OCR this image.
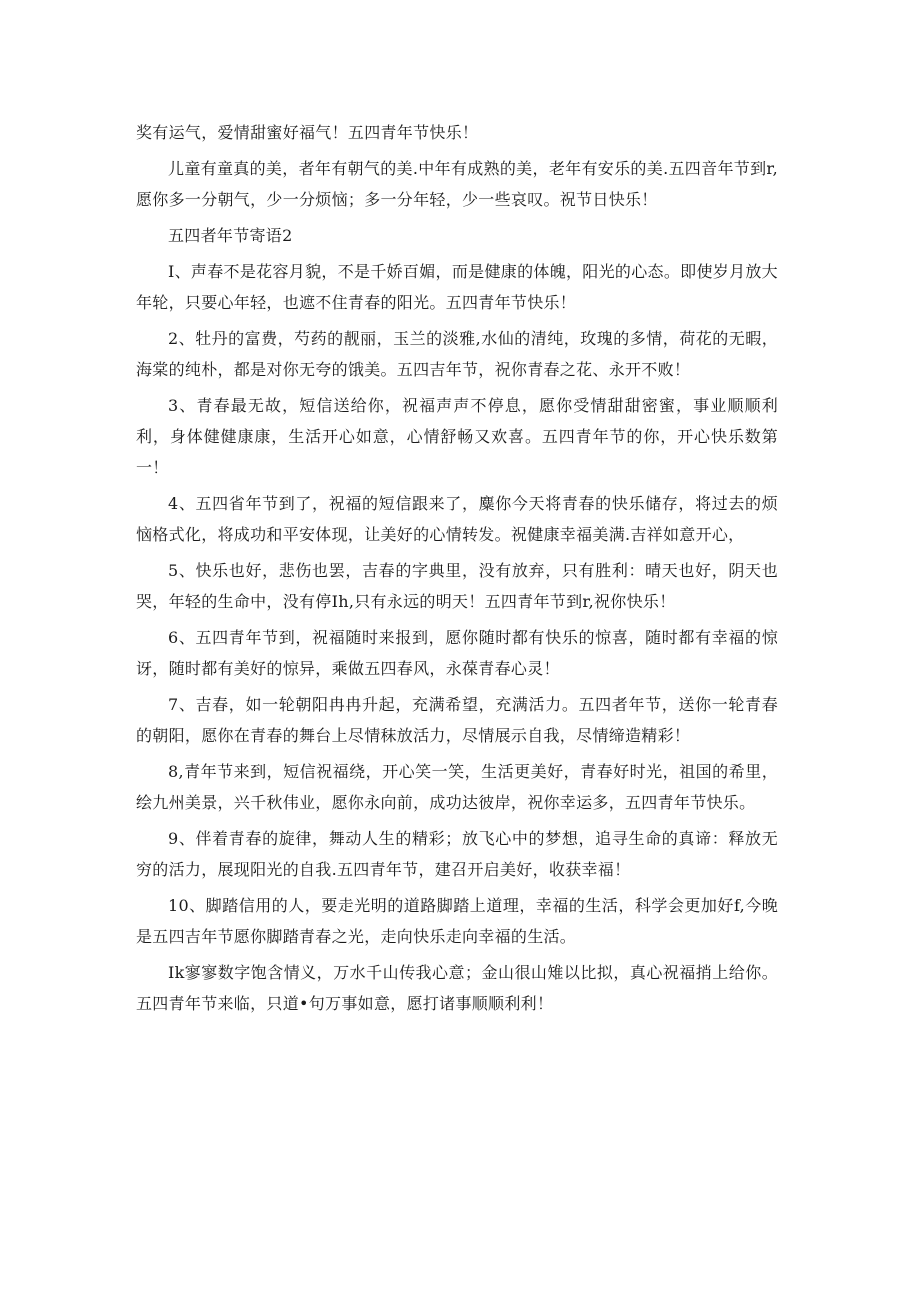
奖有运气，爱情甜蜜好福气！五四青年节快乐！

儿童有童真的美，者年有朝气的美.中年有成熟的美，老年有安乐的美.五四音年节到r,愿你多一分朝气，少一分烦恼；多一分年轻，少一些哀叹。祝节日快乐！

五四者年节寄语2

I、声春不是花容月貌，不是千娇百媚，而是健康的体魄，阳光的心态。即使岁月放大年轮，只要心年轻，也遮不住青春的阳光。五四青年节快乐！

2、牡丹的富费，芍药的靓丽，玉兰的淡雅,水仙的清纯，玫瑰的多情，荷花的无暇，海棠的纯朴，都是对你无夸的饿美。五四吉年节，祝你青春之花、永开不败！

3、青春最无故，短信送给你，祝福声声不停息，愿你受情甜甜密蜜，事业顺顺利利，身体健健康康，生活开心如意，心情舒畅又欢喜。五四青年节的你，开心快乐数第一！

4、五四省年节到了，祝福的短信跟来了，麋你今天将青春的快乐储存，将过去的烦恼格式化，将成功和平安体现，让美好的心情转发。祝健康幸福美满.吉祥如意开心，

5、快乐也好，悲伤也罢，吉春的字典里，没有放弃，只有胜利：晴天也好，阴天也哭，年轻的生命中，没有停Ih,只有永远的明天！五四青年节到r,祝你快乐！

6、五四青年节到，祝福随时来报到，愿你随时都有快乐的惊喜，随时都有幸福的惊讶，随时都有美好的惊异，乘做五四春风，永葆青春心灵！

7、吉春，如一轮朝阳冉冉升起，充满希望，充满活力。五四者年节，送你一轮青春的朝阳，愿你在青春的舞台上尽情秣放活力，尽情展示自我，尽情缔造精彩！

8,青年节来到，短信祝福绕，开心笑一笑，生活更美好，青春好时光，祖国的希里，绘九州美景，兴千秋伟业，愿你永向前，成功达彼岸，祝你幸运多，五四青年节快乐。

9、伴着青春的旋律，舞动人生的精彩；放飞心中的梦想，追寻生命的真谛：释放无穷的活力，展现阳光的自我.五四青年节，建召开启美好，收获幸福！

10、脚踏信用的人，要走光明的道路脚踏上道理，幸福的生活，科学会更加好f,今晚是五四吉年节愿你脚踏青春之光，走向快乐走向幸福的生活。

Ik寥寥数字饱含情义，万水千山传我心意；金山很山雉以比拟，真心祝福捎上给你。五四青年节来临，只道•句万事如意，愿打诸事顺顺利利！
